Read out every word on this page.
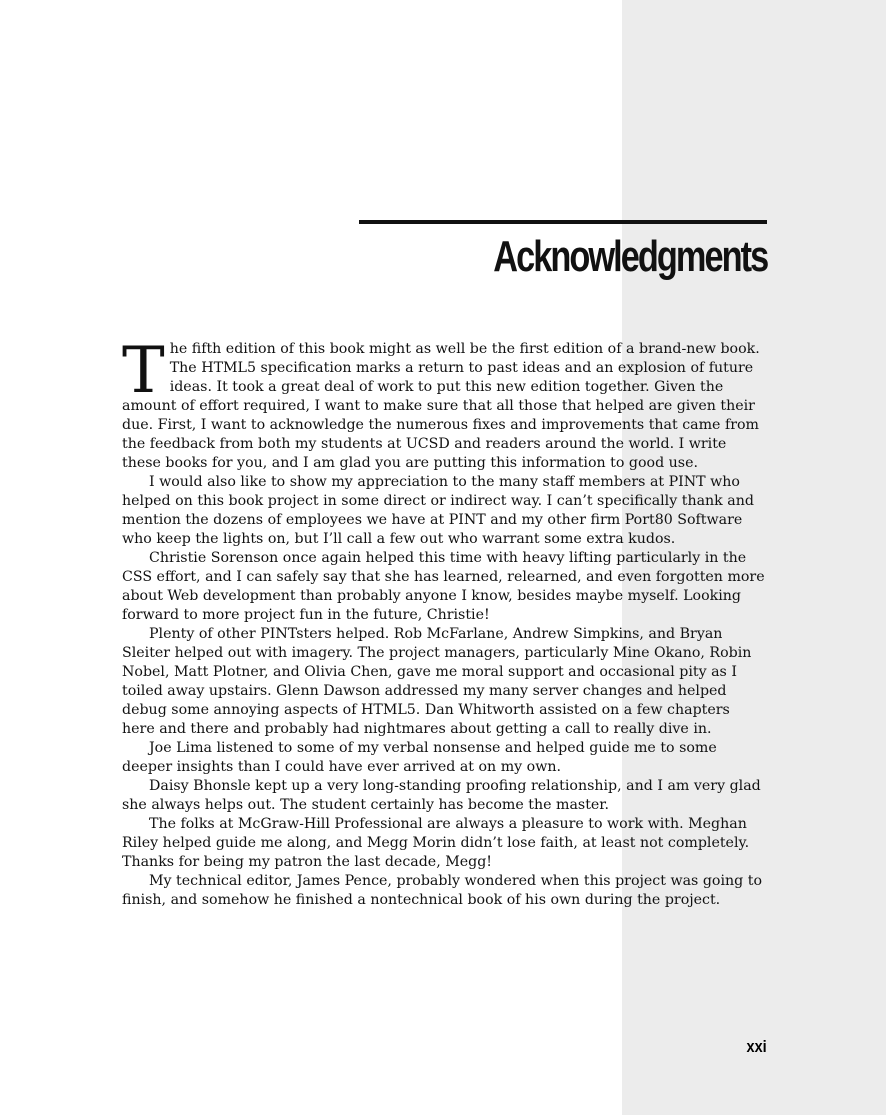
Acknowledgments

The fifth edition of this book might as well be the first edition of a brand-new book. The HTML5 specification marks a return to past ideas and an explosion of future ideas. It took a great deal of work to put this new edition together. Given the amount of effort required, I want to make sure that all those that helped are given their due. First, I want to acknowledge the numerous fixes and improvements that came from the feedback from both my students at UCSD and readers around the world. I write these books for you, and I am glad you are putting this information to good use.

I would also like to show my appreciation to the many staff members at PINT who helped on this book project in some direct or indirect way. I can’t specifically thank and mention the dozens of employees we have at PINT and my other firm Port80 Software who keep the lights on, but I’ll call a few out who warrant some extra kudos.

Christie Sorenson once again helped this time with heavy lifting particularly in the CSS effort, and I can safely say that she has learned, relearned, and even forgotten more about Web development than probably anyone I know, besides maybe myself. Looking forward to more project fun in the future, Christie!

Plenty of other PINTsters helped. Rob McFarlane, Andrew Simpkins, and Bryan Sleiter helped out with imagery. The project managers, particularly Mine Okano, Robin Nobel, Matt Plotner, and Olivia Chen, gave me moral support and occasional pity as I toiled away upstairs. Glenn Dawson addressed my many server changes and helped debug some annoying aspects of HTML5. Dan Whitworth assisted on a few chapters here and there and probably had nightmares about getting a call to really dive in.

Joe Lima listened to some of my verbal nonsense and helped guide me to some deeper insights than I could have ever arrived at on my own.

Daisy Bhonsle kept up a very long-standing proofing relationship, and I am very glad she always helps out. The student certainly has become the master.

The folks at McGraw-Hill Professional are always a pleasure to work with. Meghan Riley helped guide me along, and Megg Morin didn’t lose faith, at least not completely. Thanks for being my patron the last decade, Megg!

My technical editor, James Pence, probably wondered when this project was going to finish, and somehow he finished a nontechnical book of his own during the project.

xxi
